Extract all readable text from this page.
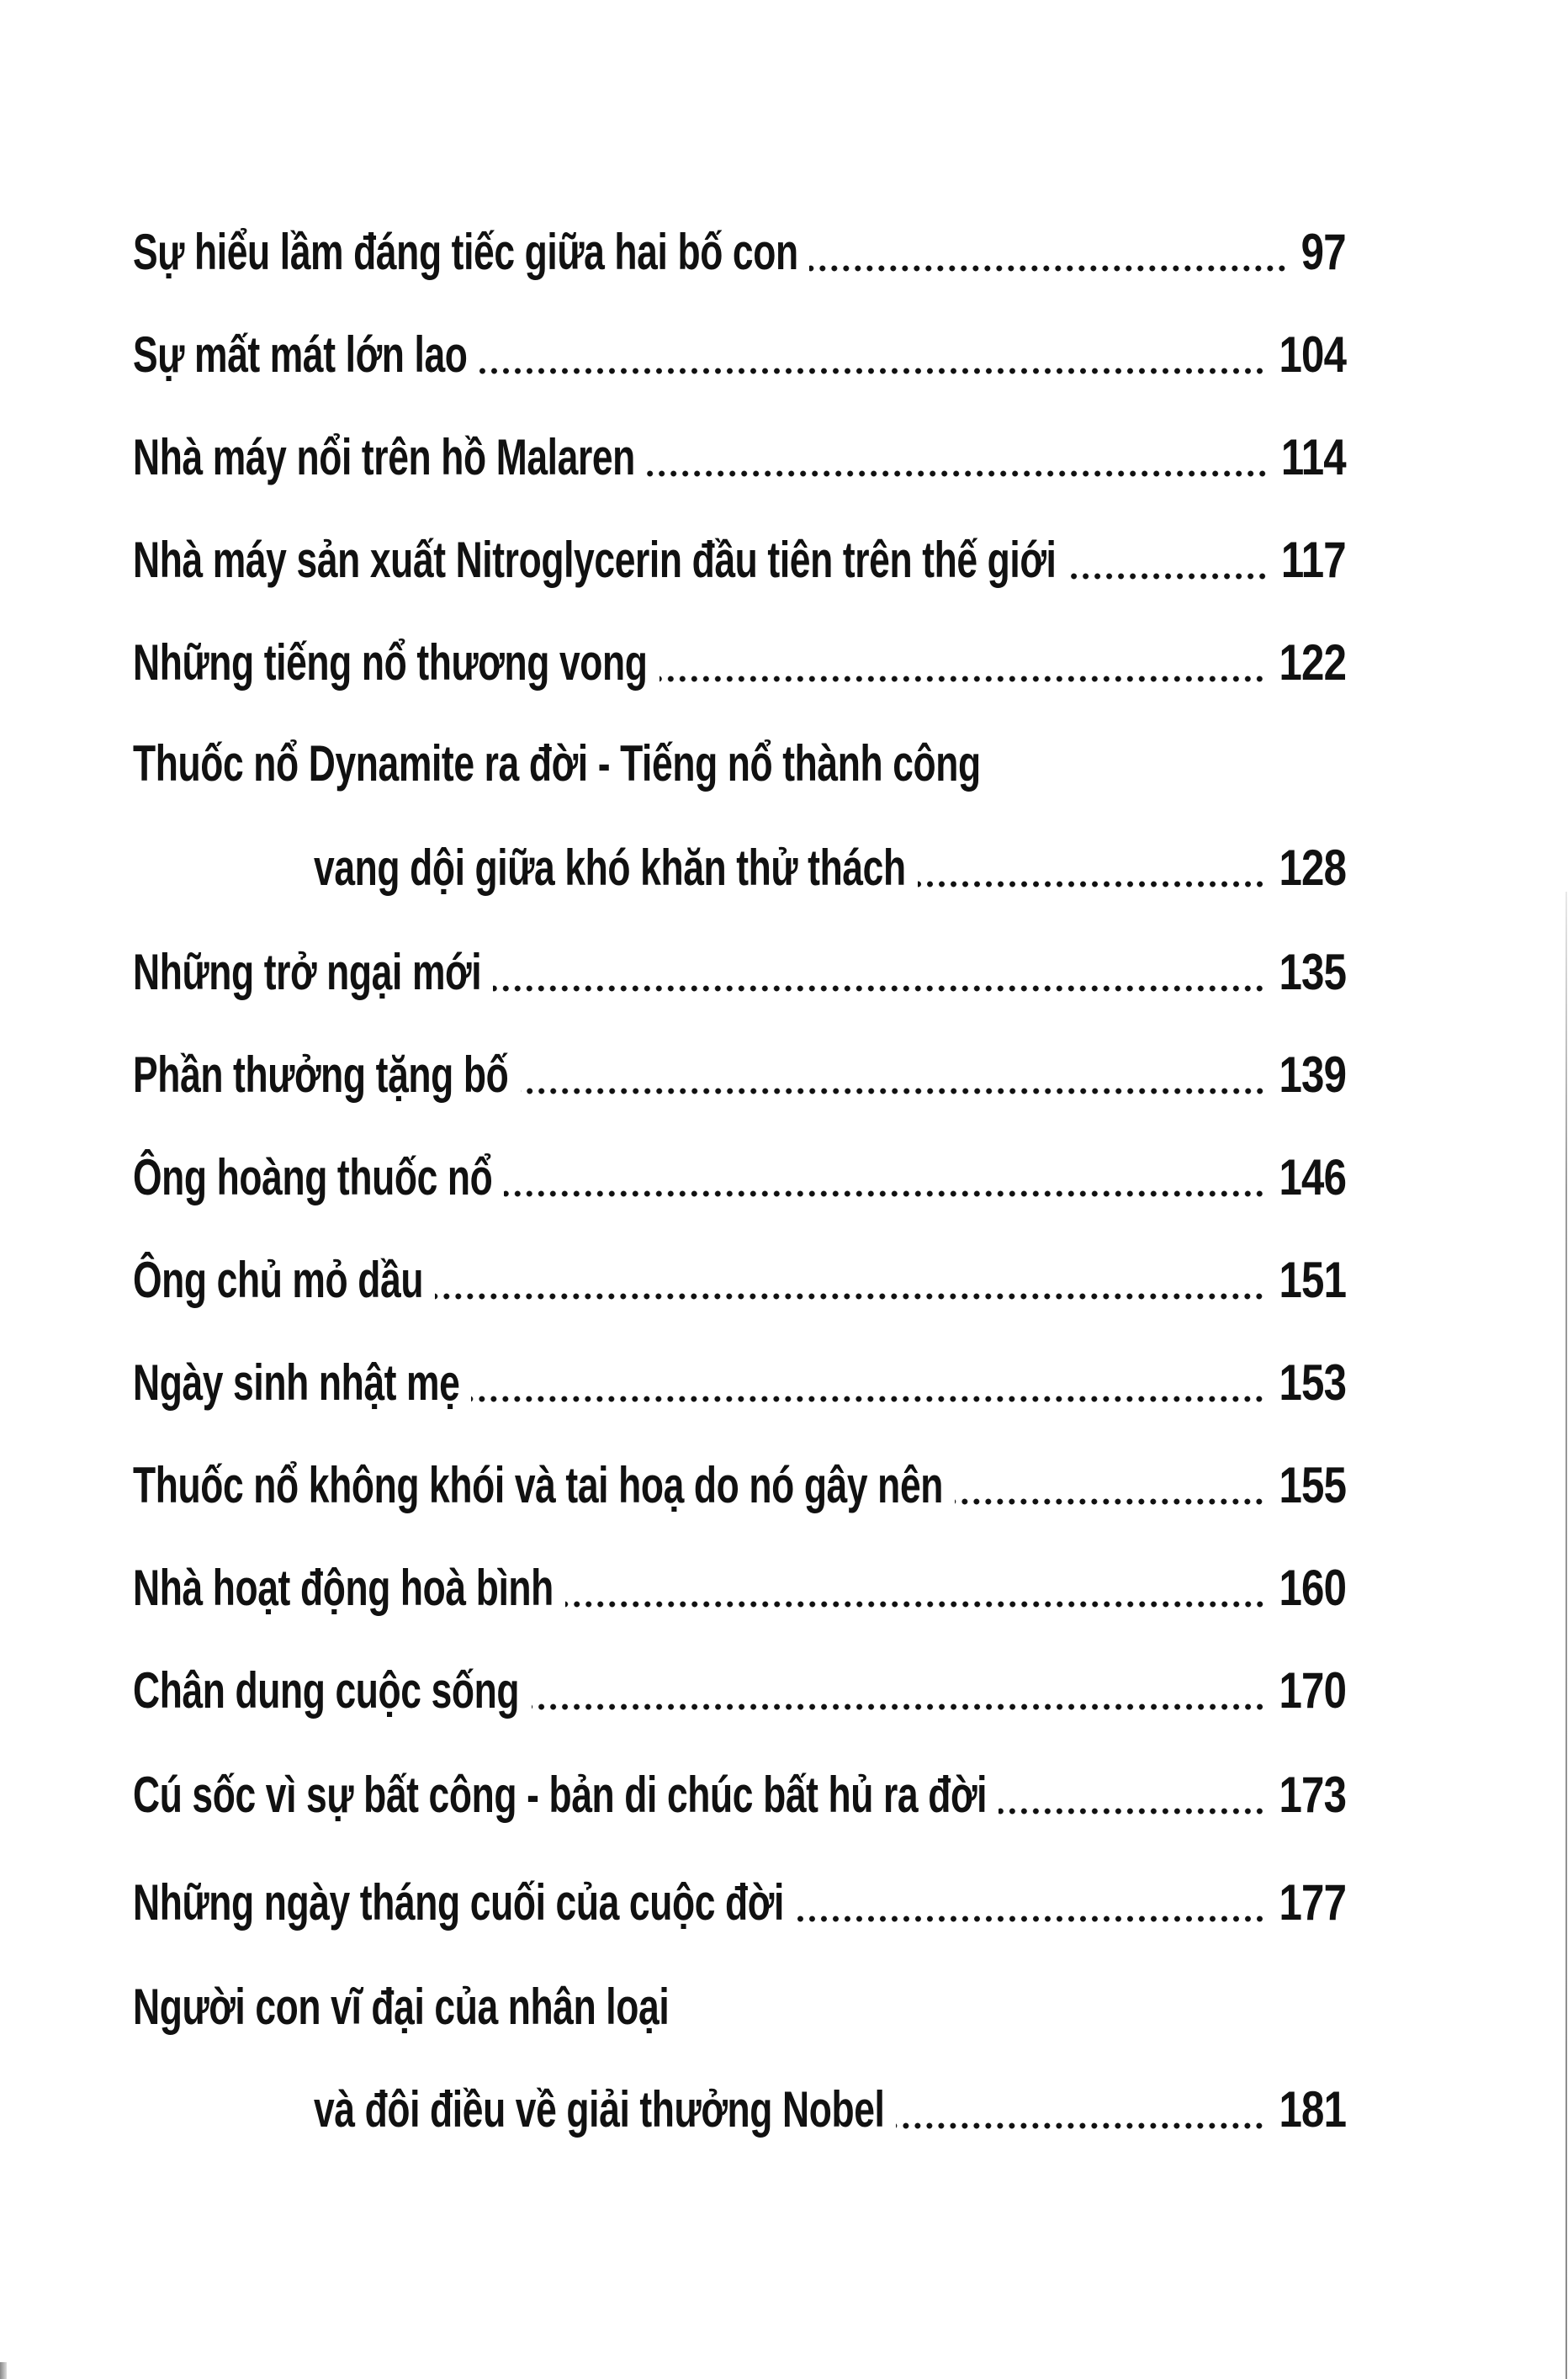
Sự hiểu lầm đáng tiếc giữa hai bố con	97
Sự mất mát lớn lao	104
Nhà máy nổi trên hồ Malaren	114
Nhà máy sản xuất Nitroglycerin đầu tiên trên thế giới	117
Những tiếng nổ thương vong	122
Thuốc nổ Dynamite ra đời - Tiếng nổ thành công
vang dội giữa khó khăn thử thách	128
Những trở ngại mới	135
Phần thưởng tặng bố	139
Ông hoàng thuốc nổ	146
Ông chủ mỏ dầu	151
Ngày sinh nhật mẹ	153
Thuốc nổ không khói và tai hoạ do nó gây nên	155
Nhà hoạt động hoà bình	160
Chân dung cuộc sống	170
Cú sốc vì sự bất công - bản di chúc bất hủ ra đời	173
Những ngày tháng cuối của cuộc đời	177
Người con vĩ đại của nhân loại
và đôi điều về giải thưởng Nobel	181
